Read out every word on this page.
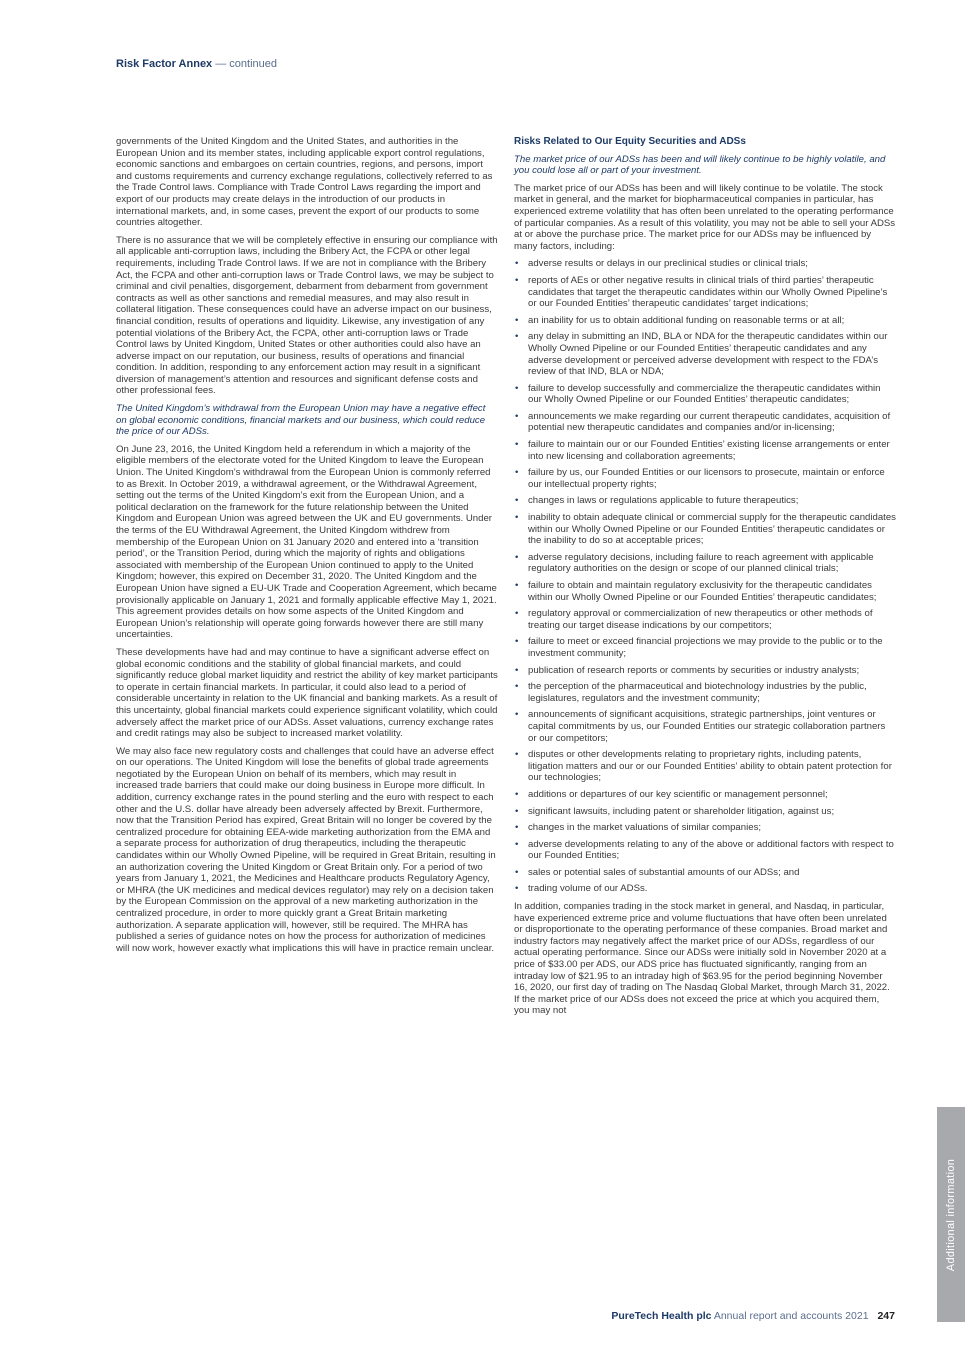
Risk Factor Annex — continued

governments of the United Kingdom and the United States, and authorities in the European Union and its member states, including applicable export control regulations, economic sanctions and embargoes on certain countries, regions, and persons, import and customs requirements and currency exchange regulations, collectively referred to as the Trade Control laws. Compliance with Trade Control Laws regarding the import and export of our products may create delays in the introduction of our products in international markets, and, in some cases, prevent the export of our products to some countries altogether.

There is no assurance that we will be completely effective in ensuring our compliance with all applicable anti-corruption laws, including the Bribery Act, the FCPA or other legal requirements, including Trade Control laws. If we are not in compliance with the Bribery Act, the FCPA and other anti-corruption laws or Trade Control laws, we may be subject to criminal and civil penalties, disgorgement, debarment from debarment from government contracts as well as other sanctions and remedial measures, and may also result in collateral litigation. These consequences could have an adverse impact on our business, financial condition, results of operations and liquidity. Likewise, any investigation of any potential violations of the Bribery Act, the FCPA, other anti-corruption laws or Trade Control laws by United Kingdom, United States or other authorities could also have an adverse impact on our reputation, our business, results of operations and financial condition. In addition, responding to any enforcement action may result in a significant diversion of management’s attention and resources and significant defense costs and other professional fees.

The United Kingdom’s withdrawal from the European Union may have a negative effect on global economic conditions, financial markets and our business, which could reduce the price of our ADSs.

On June 23, 2016, the United Kingdom held a referendum in which a majority of the eligible members of the electorate voted for the United Kingdom to leave the European Union. The United Kingdom’s withdrawal from the European Union is commonly referred to as Brexit. In October 2019, a withdrawal agreement, or the Withdrawal Agreement, setting out the terms of the United Kingdom’s exit from the European Union, and a political declaration on the framework for the future relationship between the United Kingdom and European Union was agreed between the UK and EU governments. Under the terms of the EU Withdrawal Agreement, the United Kingdom withdrew from membership of the European Union on 31 January 2020 and entered into a ‘transition period’, or the Transition Period, during which the majority of rights and obligations associated with membership of the European Union continued to apply to the United Kingdom; however, this expired on December 31, 2020. The United Kingdom and the European Union have signed a EU-UK Trade and Cooperation Agreement, which became provisionally applicable on January 1, 2021 and formally applicable effective May 1, 2021. This agreement provides details on how some aspects of the United Kingdom and European Union’s relationship will operate going forwards however there are still many uncertainties.

These developments have had and may continue to have a significant adverse effect on global economic conditions and the stability of global financial markets, and could significantly reduce global market liquidity and restrict the ability of key market participants to operate in certain financial markets. In particular, it could also lead to a period of considerable uncertainty in relation to the UK financial and banking markets. As a result of this uncertainty, global financial markets could experience significant volatility, which could adversely affect the market price of our ADSs. Asset valuations, currency exchange rates and credit ratings may also be subject to increased market volatility.

We may also face new regulatory costs and challenges that could have an adverse effect on our operations. The United Kingdom will lose the benefits of global trade agreements negotiated by the European Union on behalf of its members, which may result in increased trade barriers that could make our doing business in Europe more difficult. In addition, currency exchange rates in the pound sterling and the euro with respect to each other and the U.S. dollar have already been adversely affected by Brexit. Furthermore, now that the Transition Period has expired, Great Britain will no longer be covered by the centralized procedure for obtaining EEA-wide marketing authorization from the EMA and a separate process for authorization of drug therapeutics, including the therapeutic candidates within our Wholly Owned Pipeline, will be required in Great Britain, resulting in an authorization covering the United Kingdom or Great Britain only. For a period of two years from January 1, 2021, the Medicines and Healthcare products Regulatory Agency, or MHRA (the UK medicines and medical devices regulator) may rely on a decision taken by the European Commission on the approval of a new marketing authorization in the centralized procedure, in order to more quickly grant a Great Britain marketing authorization. A separate application will, however, still be required. The MHRA has published a series of guidance notes on how the process for authorization of medicines will now work, however exactly what implications this will have in practice remain unclear.

Risks Related to Our Equity Securities and ADSs

The market price of our ADSs has been and will likely continue to be highly volatile, and you could lose all or part of your investment.

The market price of our ADSs has been and will likely continue to be volatile. The stock market in general, and the market for biopharmaceutical companies in particular, has experienced extreme volatility that has often been unrelated to the operating performance of particular companies. As a result of this volatility, you may not be able to sell your ADSs at or above the purchase price. The market price for our ADSs may be influenced by many factors, including:

• adverse results or delays in our preclinical studies or clinical trials;
• reports of AEs or other negative results in clinical trials of third parties’ therapeutic candidates that target the therapeutic candidates within our Wholly Owned Pipeline’s or our Founded Entities’ therapeutic candidates’ target indications;
• an inability for us to obtain additional funding on reasonable terms or at all;
• any delay in submitting an IND, BLA or NDA for the therapeutic candidates within our Wholly Owned Pipeline or our Founded Entities’ therapeutic candidates and any adverse development or perceived adverse development with respect to the FDA’s review of that IND, BLA or NDA;
• failure to develop successfully and commercialize the therapeutic candidates within our Wholly Owned Pipeline or our Founded Entities’ therapeutic candidates;
• announcements we make regarding our current therapeutic candidates, acquisition of potential new therapeutic candidates and companies and/or in-licensing;
• failure to maintain our or our Founded Entities’ existing license arrangements or enter into new licensing and collaboration agreements;
• failure by us, our Founded Entities or our licensors to prosecute, maintain or enforce our intellectual property rights;
• changes in laws or regulations applicable to future therapeutics;
• inability to obtain adequate clinical or commercial supply for the therapeutic candidates within our Wholly Owned Pipeline or our Founded Entities’ therapeutic candidates or the inability to do so at acceptable prices;
• adverse regulatory decisions, including failure to reach agreement with applicable regulatory authorities on the design or scope of our planned clinical trials;
• failure to obtain and maintain regulatory exclusivity for the therapeutic candidates within our Wholly Owned Pipeline or our Founded Entities’ therapeutic candidates;
• regulatory approval or commercialization of new therapeutics or other methods of treating our target disease indications by our competitors;
• failure to meet or exceed financial projections we may provide to the public or to the investment community;
• publication of research reports or comments by securities or industry analysts;
• the perception of the pharmaceutical and biotechnology industries by the public, legislatures, regulators and the investment community;
• announcements of significant acquisitions, strategic partnerships, joint ventures or capital commitments by us, our Founded Entities our strategic collaboration partners or our competitors;
• disputes or other developments relating to proprietary rights, including patents, litigation matters and our or our Founded Entities’ ability to obtain patent protection for our technologies;
• additions or departures of our key scientific or management personnel;
• significant lawsuits, including patent or shareholder litigation, against us;
• changes in the market valuations of similar companies;
• adverse developments relating to any of the above or additional factors with respect to our Founded Entities;
• sales or potential sales of substantial amounts of our ADSs; and
• trading volume of our ADSs.

In addition, companies trading in the stock market in general, and Nasdaq, in particular, have experienced extreme price and volume fluctuations that have often been unrelated or disproportionate to the operating performance of these companies. Broad market and industry factors may negatively affect the market price of our ADSs, regardless of our actual operating performance. Since our ADSs were initially sold in November 2020 at a price of $33.00 per ADS, our ADS price has fluctuated significantly, ranging from an intraday low of $21.95 to an intraday high of $63.95 for the period beginning November 16, 2020, our first day of trading on The Nasdaq Global Market, through March 31, 2022. If the market price of our ADSs does not exceed the price at which you acquired them, you may not

PureTech Health plc Annual report and accounts 2021 247
Additional information
